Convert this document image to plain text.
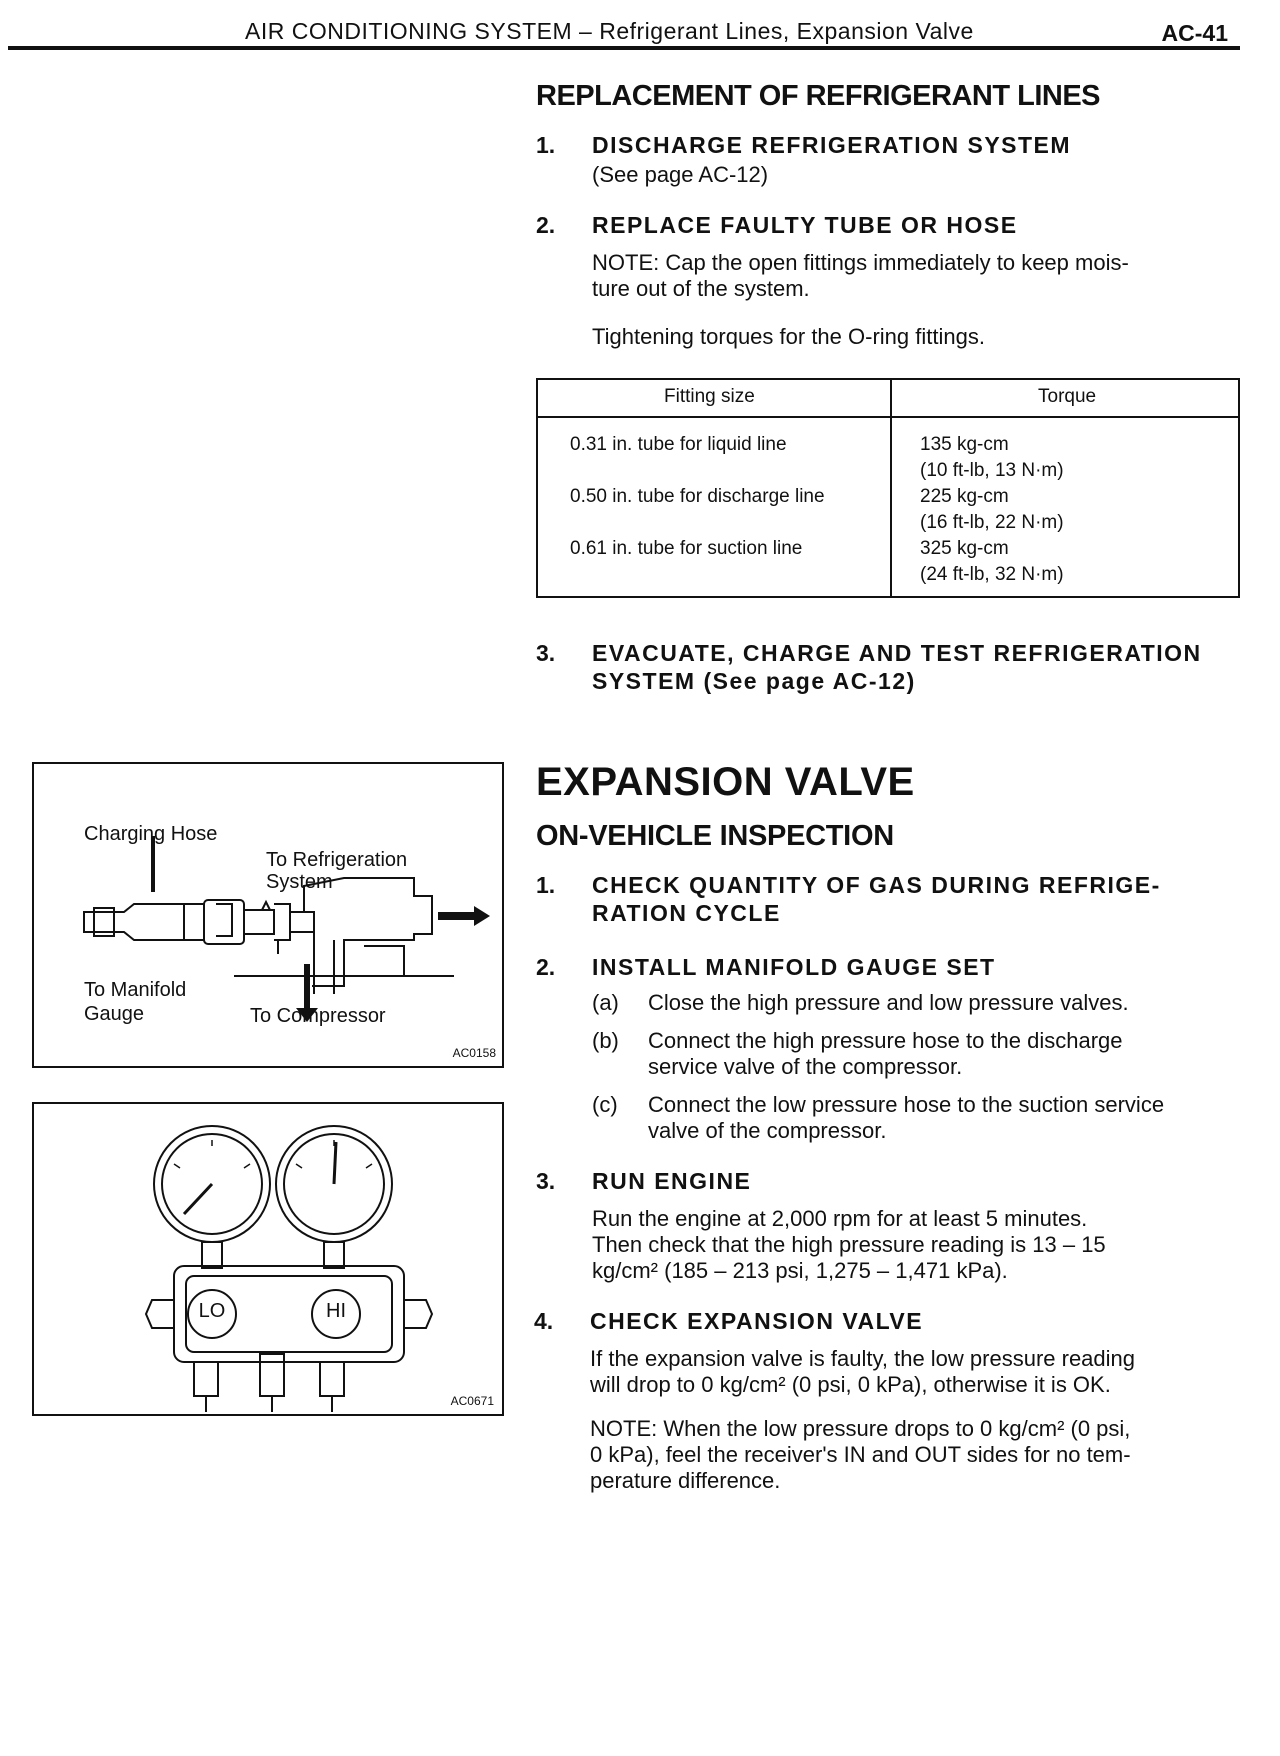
AIR CONDITIONING SYSTEM – Refrigerant Lines, Expansion Valve	AC-41
REPLACEMENT OF REFRIGERANT LINES
1. DISCHARGE REFRIGERATION SYSTEM
(See page AC-12)
2. REPLACE FAULTY TUBE OR HOSE
NOTE: Cap the open fittings immediately to keep mois-
ture out of the system.
Tightening torques for the O-ring fittings.
Fitting size	Torque
0.31 in. tube for liquid line	135 kg-cm
(10 ft-lb, 13 N·m)
0.50 in. tube for discharge line	225 kg-cm
(16 ft-lb, 22 N·m)
0.61 in. tube for suction line	325 kg-cm
(24 ft-lb, 32 N·m)
3. EVACUATE, CHARGE AND TEST REFRIGERATION
SYSTEM (See page AC-12)
Charging Hose
To Refrigeration
System
To Manifold
Gauge	To Compressor
AC0158
LO	HI
AC0671
EXPANSION VALVE
ON-VEHICLE INSPECTION
1. CHECK QUANTITY OF GAS DURING REFRIGE-
RATION CYCLE
2. INSTALL MANIFOLD GAUGE SET
(a) Close the high pressure and low pressure valves.
(b) Connect the high pressure hose to the discharge
service valve of the compressor.
(c) Connect the low pressure hose to the suction service
valve of the compressor.
3. RUN ENGINE
Run the engine at 2,000 rpm for at least 5 minutes.
Then check that the high pressure reading is 13 – 15
kg/cm² (185 – 213 psi, 1,275 – 1,471 kPa).
4. CHECK EXPANSION VALVE
If the expansion valve is faulty, the low pressure reading
will drop to 0 kg/cm² (0 psi, 0 kPa), otherwise it is OK.
NOTE: When the low pressure drops to 0 kg/cm² (0 psi,
0 kPa), feel the receiver's IN and OUT sides for no tem-
perature difference.
